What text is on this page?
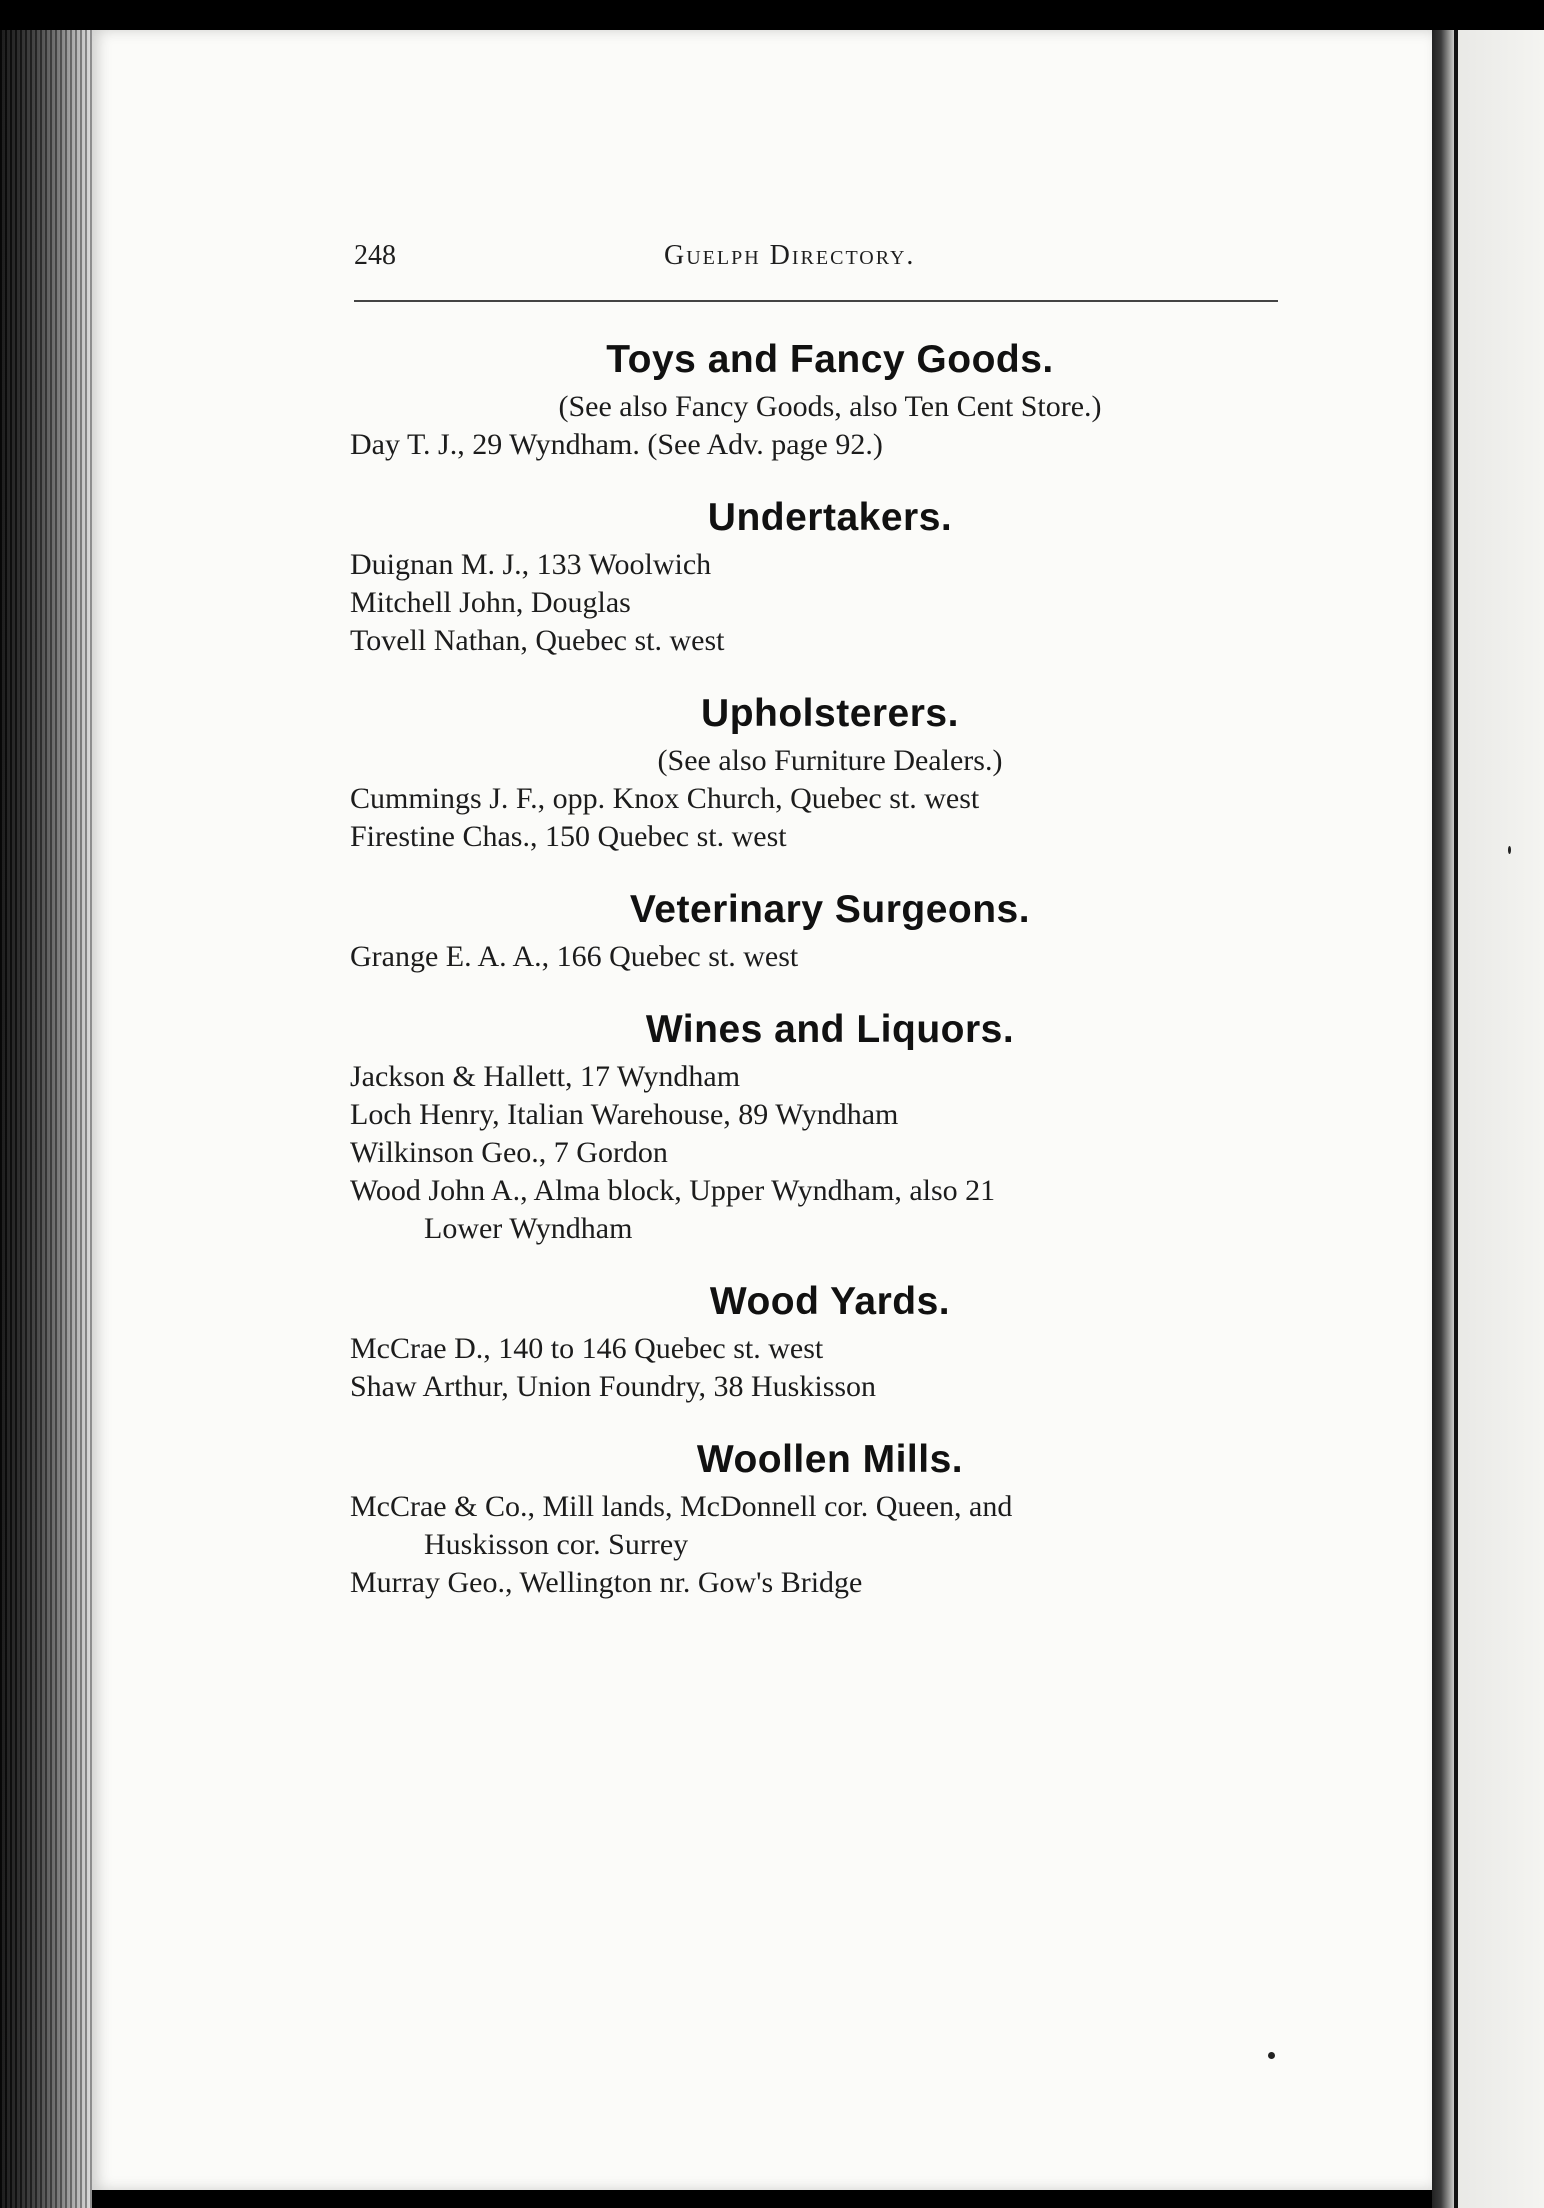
248	Guelph Directory.
Toys and Fancy Goods.
(See also Fancy Goods, also Ten Cent Store.)
Day T. J., 29 Wyndham. (See Adv. page 92.)
Undertakers.
Duignan M. J., 133 Woolwich
Mitchell John, Douglas
Tovell Nathan, Quebec st. west
Upholsterers.
(See also Furniture Dealers.)
Cummings J. F., opp. Knox Church, Quebec st. west
Firestine Chas., 150 Quebec st. west
Veterinary Surgeons.
Grange E. A. A., 166 Quebec st. west
Wines and Liquors.
Jackson & Hallett, 17 Wyndham
Loch Henry, Italian Warehouse, 89 Wyndham
Wilkinson Geo., 7 Gordon
Wood John A., Alma block, Upper Wyndham, also 21
Lower Wyndham
Wood Yards.
McCrae D., 140 to 146 Quebec st. west
Shaw Arthur, Union Foundry, 38 Huskisson
Woollen Mills.
McCrae & Co., Mill lands, McDonnell cor. Queen, and
Huskisson cor. Surrey
Murray Geo., Wellington nr. Gow's Bridge
